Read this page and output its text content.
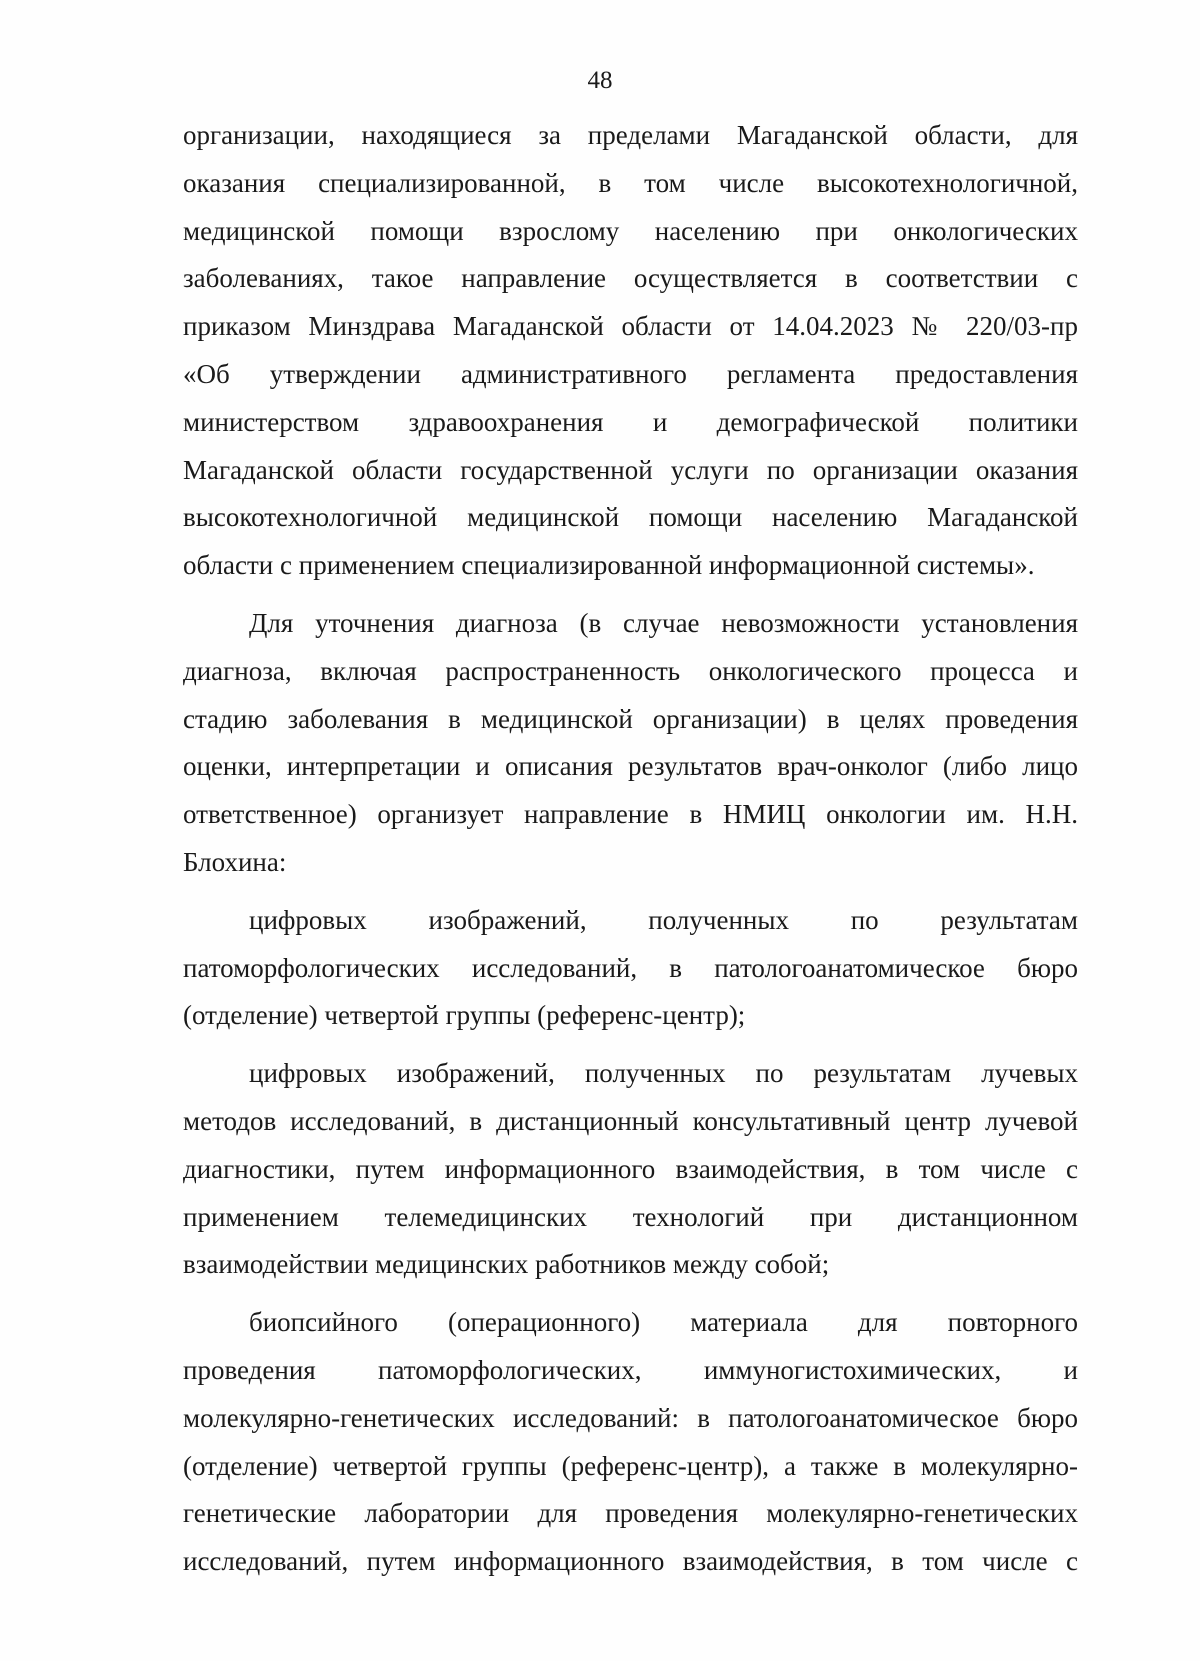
48
организации, находящиеся за пределами Магаданской области, для
оказания специализированной, в том числе высокотехнологичной,
медицинской помощи взрослому населению при онкологических
заболеваниях, такое направление осуществляется в соответствии с
приказом Минздрава Магаданской области от 14.04.2023 № 220/03-пр
«Об утверждении административного регламента предоставления
министерством здравоохранения и демографической политики
Магаданской области государственной услуги по организации оказания
высокотехнологичной медицинской помощи населению Магаданской
области с применением специализированной информационной системы».
Для уточнения диагноза (в случае невозможности установления
диагноза, включая распространенность онкологического процесса и
стадию заболевания в медицинской организации) в целях проведения
оценки, интерпретации и описания результатов врач-онколог (либо лицо
ответственное) организует направление в НМИЦ онкологии им. Н.Н.
Блохина:
цифровых изображений, полученных по результатам
патоморфологических исследований, в патологоанатомическое бюро
(отделение) четвертой группы (референс-центр);
цифровых изображений, полученных по результатам лучевых
методов исследований, в дистанционный консультативный центр лучевой
диагностики, путем информационного взаимодействия, в том числе с
применением телемедицинских технологий при дистанционном
взаимодействии медицинских работников между собой;
биопсийного (операционного) материала для повторного
проведения патоморфологических, иммуногистохимических, и
молекулярно-генетических исследований: в патологоанатомическое бюро
(отделение) четвертой группы (референс-центр), а также в молекулярно-
генетические лаборатории для проведения молекулярно-генетических
исследований, путем информационного взаимодействия, в том числе с
